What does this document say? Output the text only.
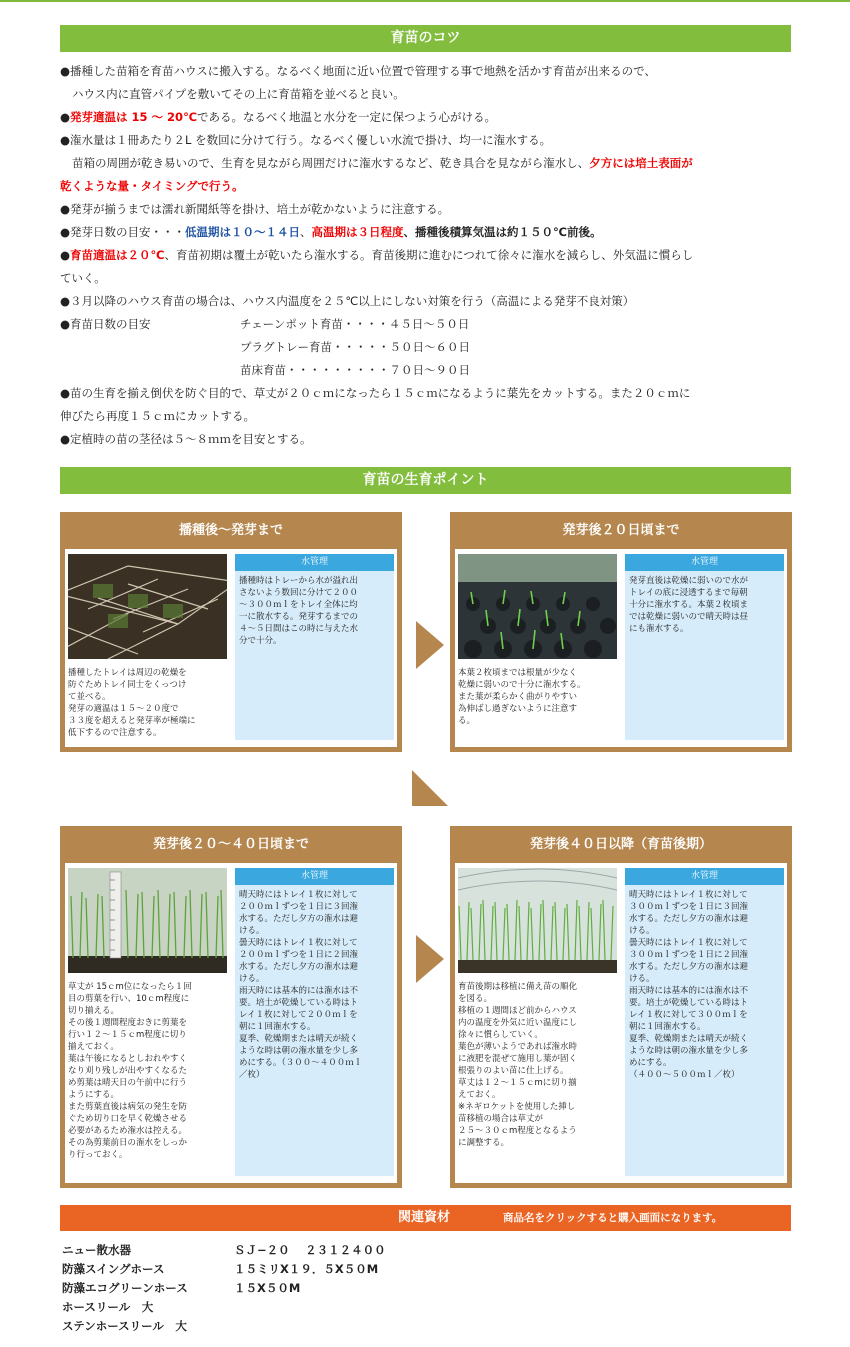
育苗のコツ

●播種した苗箱を育苗ハウスに搬入する。なるべく地面に近い位置で管理する事で地熱を活かす育苗が出来るので、

ハウス内に直管パイプを敷いてその上に育苗箱を並べると良い。

●発芽適温は 15 ～ 20℃である。なるべく地温と水分を一定に保つよう心がける。

●潅水量は１冊あたり２L を数回に分けて行う。なるべく優しい水流で掛け、均一に潅水する。

苗箱の周囲が乾き易いので、生育を見ながら周囲だけに潅水するなど、乾き具合を見ながら潅水し、夕方には培土表面が

乾くような量・タイミングで行う。

●発芽が揃うまでは濡れ新聞紙等を掛け、培土が乾かないように注意する。

●発芽日数の目安・・・低温期は１０～１４日、高温期は３日程度、播種後積算気温は約１５０℃前後。

●育苗適温は２０℃、育苗初期は覆土が乾いたら潅水する。育苗後期に進むにつれて徐々に潅水を減らし、外気温に慣らし

ていく。

●３月以降のハウス育苗の場合は、ハウス内温度を２５℃以上にしない対策を行う（高温による発芽不良対策）

●育苗日数の目安	チェーンポット育苗・・・・４５日～５０日
プラグトレー育苗・・・・・５０日～６０日
苗床育苗・・・・・・・・・７０日～９０日

●苗の生育を揃え倒伏を防ぐ目的で、草丈が２０ｃｍになったら１５ｃｍになるように葉先をカットする。また２０ｃｍに

伸びたら再度１５ｃｍにカットする。

●定植時の苗の茎径は５～８ｍｍを目安とする。

育苗の生育ポイント
播種後～発芽まで
播種したトレイは周辺の乾燥を
防ぐためトレイ同士をくっつけ
て並べる。
発芽の適温は１５～２０度で
３３度を超えると発芽率が極端に
低下するので注意する。
水管理
播種時はトレーから水が溢れ出
さないよう数回に分けて２００
～３００ｍｌをトレイ全体に均
一に散水する。発芽するまでの
４～５日間はこの時に与えた水
分で十分。
発芽後２０日頃まで
本葉２枚頃までは根量が少なく
乾燥に弱いので十分に潅水する。
また葉が柔らかく曲がりやすい
為伸ばし過ぎないように注意す
る。
水管理
発芽直後は乾燥に弱いので水が
トレイの底に浸透するまで毎朝
十分に潅水する。本葉２枚頃ま
では乾燥に弱いので晴天時は昼
にも潅水する。
発芽後２０～４０日頃まで
草丈が 15ｃm位になったら１回
目の剪葉を行い、10ｃm程度に
切り揃える。
その後１週間程度おきに剪葉を
行い１２～１５ｃm程度に切り
揃えておく。
葉は午後になるとしおれやすく
なり刈り残しが出やすくなるた
め剪葉は晴天日の午前中に行う
ようにする。
また剪葉直後は病気の発生を防
ぐため切り口を早く乾燥させる
必要があるため潅水は控える。
その為剪葉前日の潅水をしっか
り行っておく。
水管理
晴天時にはトレイ１枚に対して
２００ｍｌずつを１日に３回潅
水する。ただし夕方の潅水は避
ける。
曇天時にはトレイ１枚に対して
２００ｍｌずつを１日に２回潅
水する。ただし夕方の潅水は避
ける。
雨天時には基本的には潅水は不
要。培土が乾燥している時はト
レイ１枚に対して２００ｍｌを
朝に１回潅水する。
夏季、乾燥期または晴天が続く
ような時は朝の潅水量を少し多
めにする。（３００～４００ｍｌ
／枚）
発芽後４０日以降（育苗後期）
育苗後期は移植に備え苗の順化
を図る。
移植の１週間ほど前からハウス
内の温度を外気に近い温度にし
徐々に慣らしていく。
葉色が薄いようであれば潅水時
に液肥を混ぜて施用し葉が固く
根張りのよい苗に仕上げる。
草丈は１２～１５ｃmに切り揃
えておく。
※ネギロケットを使用した挿し
苗移植の場合は草丈が
２５～３０ｃm程度となるよう
に調整する。
水管理
晴天時にはトレイ１枚に対して
３００ｍｌずつを１日に３回潅
水する。ただし夕方の潅水は避
ける。
曇天時にはトレイ１枚に対して
３００ｍｌずつを１日に２回潅
水する。ただし夕方の潅水は避
ける。
雨天時には基本的には潅水は不
要。培土が乾燥している時はト
レイ１枚に対して３００ｍｌを
朝に１回潅水する。
夏季、乾燥期または晴天が続く
ような時は朝の潅水量を少し多
めにする。
（４００～５００ｍｌ／枚）
関連資材	商品名をクリックすると購入画面になります。
ニュー散水器	ＳＪ−２０　 ２３１２４００
防藻スイングホース	１５ミリX１９．５X５０M
防藻エコグリーンホース	１５X５０M
ホースリール　大
ステンホースリール　大
